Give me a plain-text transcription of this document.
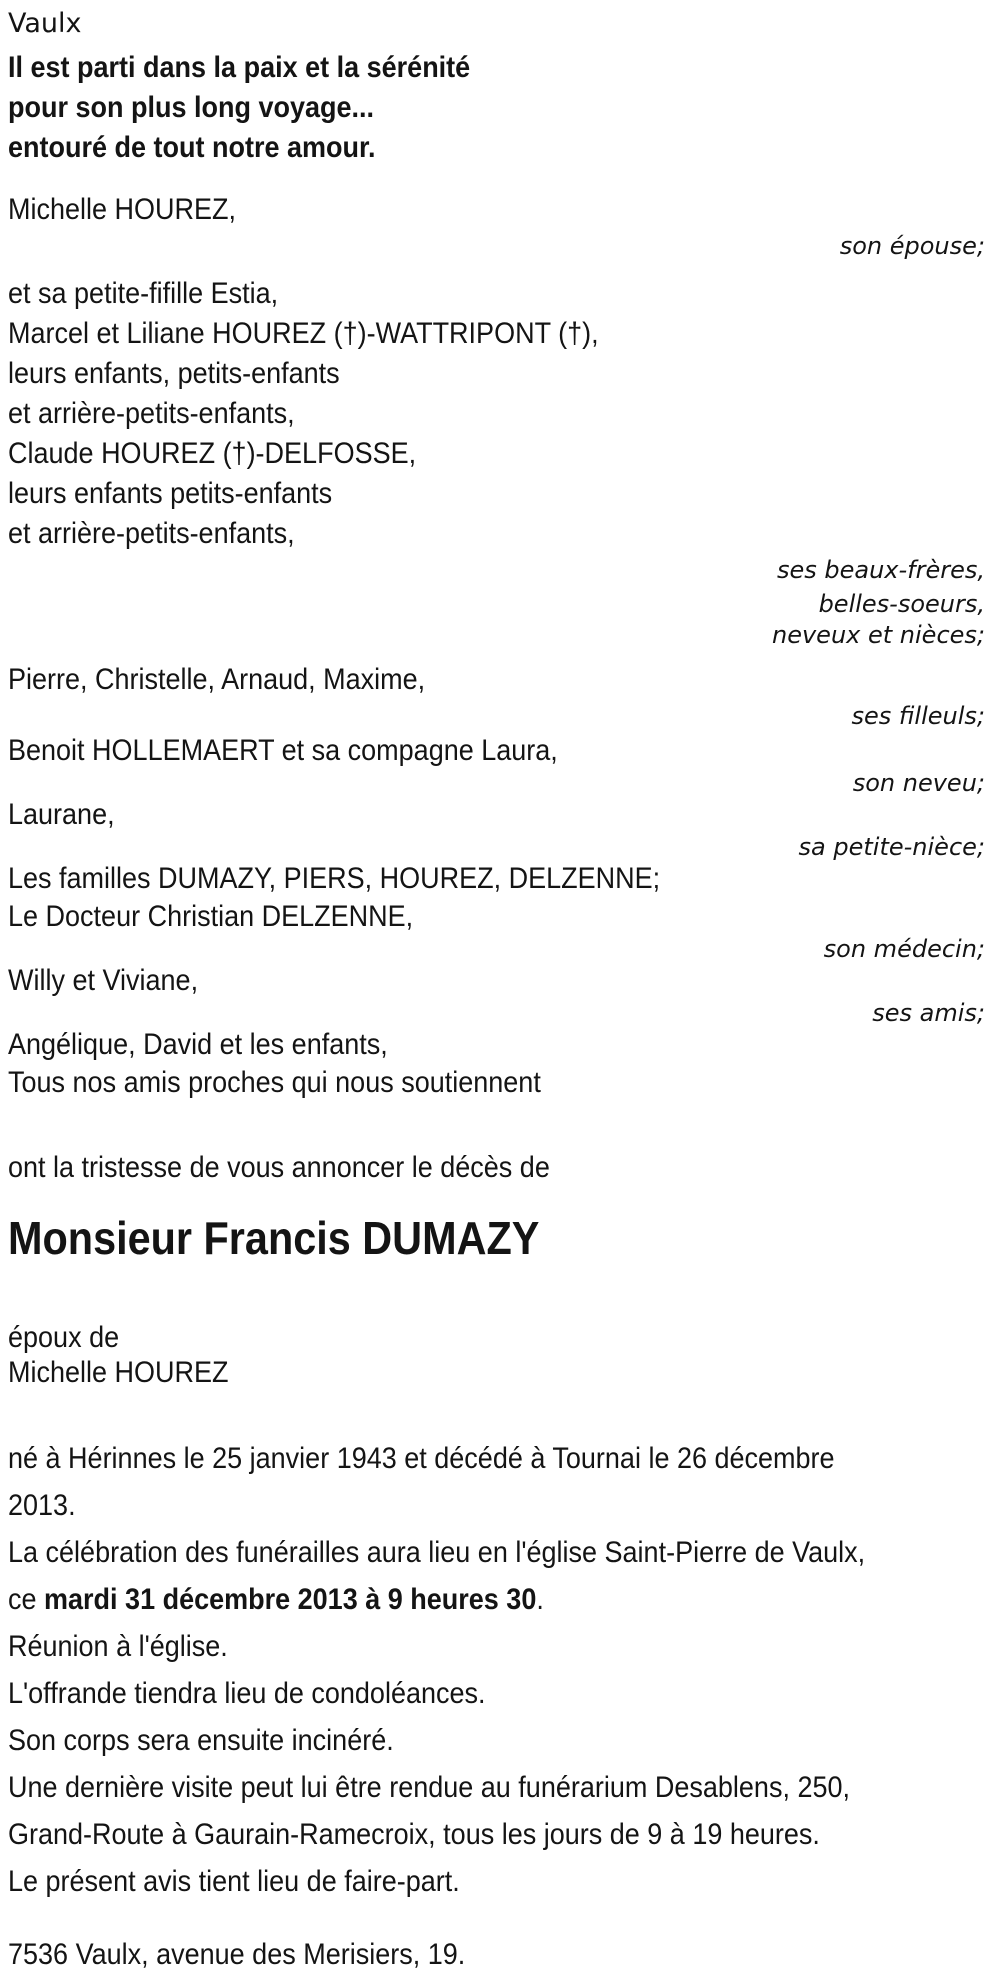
Vaulx
Il est parti dans la paix et la sérénité
pour son plus long voyage...
entouré de tout notre amour.
Michelle HOUREZ,
son épouse;
et sa petite-fifille Estia,
Marcel et Liliane HOUREZ (†)-WATTRIPONT (†),
leurs enfants, petits-enfants
et arrière-petits-enfants,
Claude HOUREZ (†)-DELFOSSE,
leurs enfants petits-enfants
et arrière-petits-enfants,
ses beaux-frères,
belles-soeurs,
neveux et nièces;
Pierre, Christelle, Arnaud, Maxime,
ses filleuls;
Benoit HOLLEMAERT et sa compagne Laura,
son neveu;
Laurane,
sa petite-nièce;
Les familles DUMAZY, PIERS, HOUREZ, DELZENNE;
Le Docteur Christian DELZENNE,
son médecin;
Willy et Viviane,
ses amis;
Angélique, David et les enfants,
Tous nos amis proches qui nous soutiennent
ont la tristesse de vous annoncer le décès de
Monsieur Francis DUMAZY
époux de
Michelle HOUREZ
né à Hérinnes le 25 janvier 1943 et décédé à Tournai le 26 décembre
2013.
La célébration des funérailles aura lieu en l'église Saint-Pierre de Vaulx,
ce mardi 31 décembre 2013 à 9 heures 30.
Réunion à l'église.
L'offrande tiendra lieu de condoléances.
Son corps sera ensuite incinéré.
Une dernière visite peut lui être rendue au funérarium Desablens, 250,
Grand-Route à Gaurain-Ramecroix, tous les jours de 9 à 19 heures.
Le présent avis tient lieu de faire-part.
7536 Vaulx, avenue des Merisiers, 19.
